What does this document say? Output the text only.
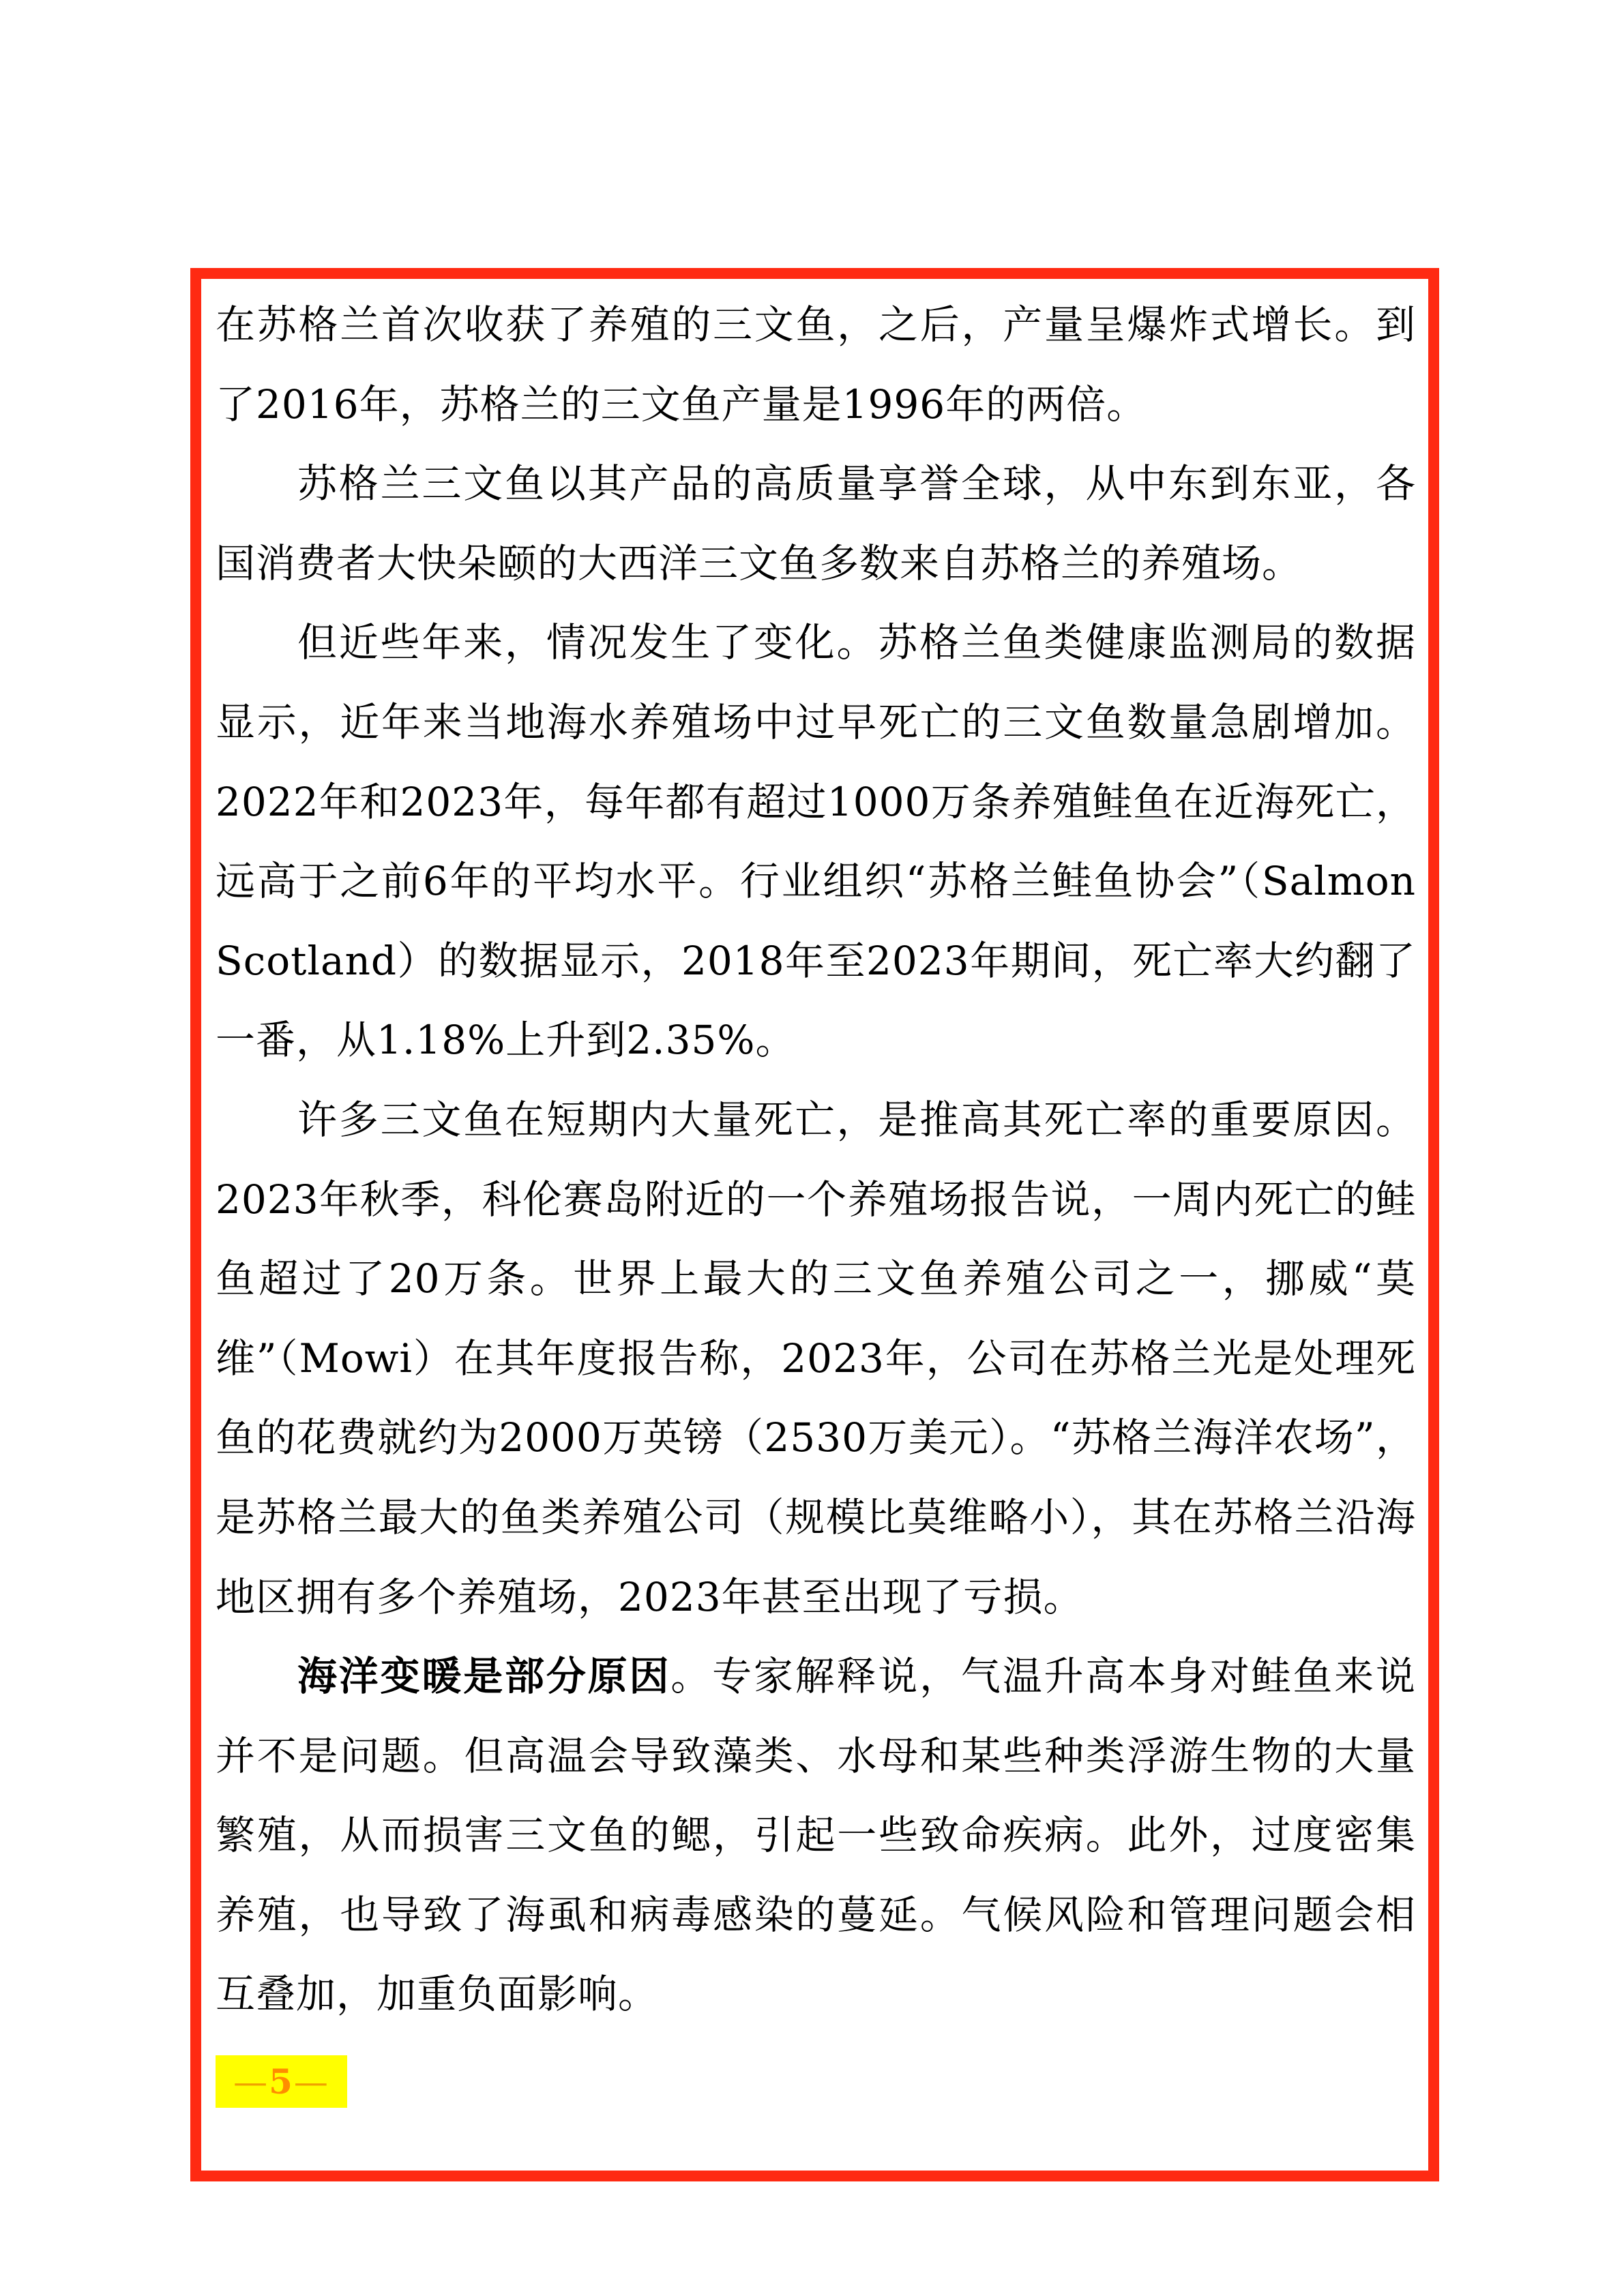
在苏格兰首次收获了养殖的三文鱼，之后，产量呈爆炸式增长。到了2016年，苏格兰的三文鱼产量是1996年的两倍。

苏格兰三文鱼以其产品的高质量享誉全球，从中东到东亚，各国消费者大快朵颐的大西洋三文鱼多数来自苏格兰的养殖场。

但近些年来，情况发生了变化。苏格兰鱼类健康监测局的数据显示，近年来当地海水养殖场中过早死亡的三文鱼数量急剧增加。2022年和2023年，每年都有超过1000万条养殖鲑鱼在近海死亡，远高于之前6年的平均水平。行业组织“苏格兰鲑鱼协会”（Salmon Scotland）的数据显示，2018年至2023年期间，死亡率大约翻了一番，从1.18%上升到2.35%。

许多三文鱼在短期内大量死亡，是推高其死亡率的重要原因。2023年秋季，科伦赛岛附近的一个养殖场报告说，一周内死亡的鲑鱼超过了20万条。世界上最大的三文鱼养殖公司之一，挪威“莫维”（Mowi）在其年度报告称，2023年，公司在苏格兰光是处理死鱼的花费就约为2000万英镑（2530万美元）。“苏格兰海洋农场”，是苏格兰最大的鱼类养殖公司（规模比莫维略小），其在苏格兰沿海地区拥有多个养殖场，2023年甚至出现了亏损。

海洋变暖是部分原因。专家解释说，气温升高本身对鲑鱼来说并不是问题。但高温会导致藻类、水母和某些种类浮游生物的大量繁殖，从而损害三文鱼的鳃，引起一些致命疾病。此外，过度密集养殖，也导致了海虱和病毒感染的蔓延。气候风险和管理问题会相互叠加，加重负面影响。

— 5 —
